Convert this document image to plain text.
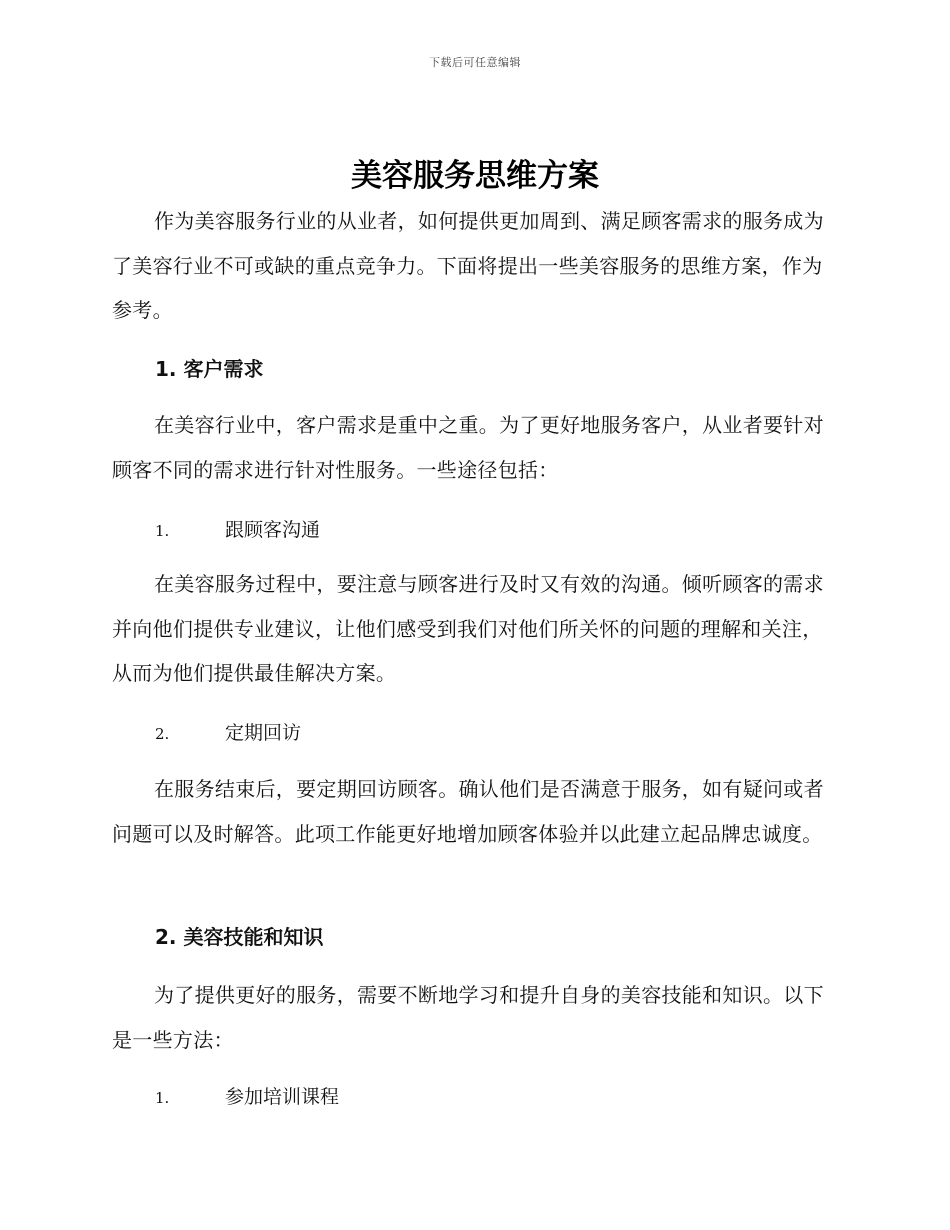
下载后可任意编辑
美容服务思维方案

作为美容服务行业的从业者，如何提供更加周到、满足顾客需求的服务成为了美容行业不可或缺的重点竞争力。下面将提出一些美容服务的思维方案，作为参考。

1. 客户需求

在美容行业中，客户需求是重中之重。为了更好地服务客户，从业者要针对顾客不同的需求进行针对性服务。一些途径包括：

1.	跟顾客沟通

在美容服务过程中，要注意与顾客进行及时又有效的沟通。倾听顾客的需求并向他们提供专业建议，让他们感受到我们对他们所关怀的问题的理解和关注，从而为他们提供最佳解决方案。

2.	定期回访

在服务结束后，要定期回访顾客。确认他们是否满意于服务，如有疑问或者问题可以及时解答。此项工作能更好地增加顾客体验并以此建立起品牌忠诚度。

2. 美容技能和知识

为了提供更好的服务，需要不断地学习和提升自身的美容技能和知识。以下是一些方法：

1.	参加培训课程
